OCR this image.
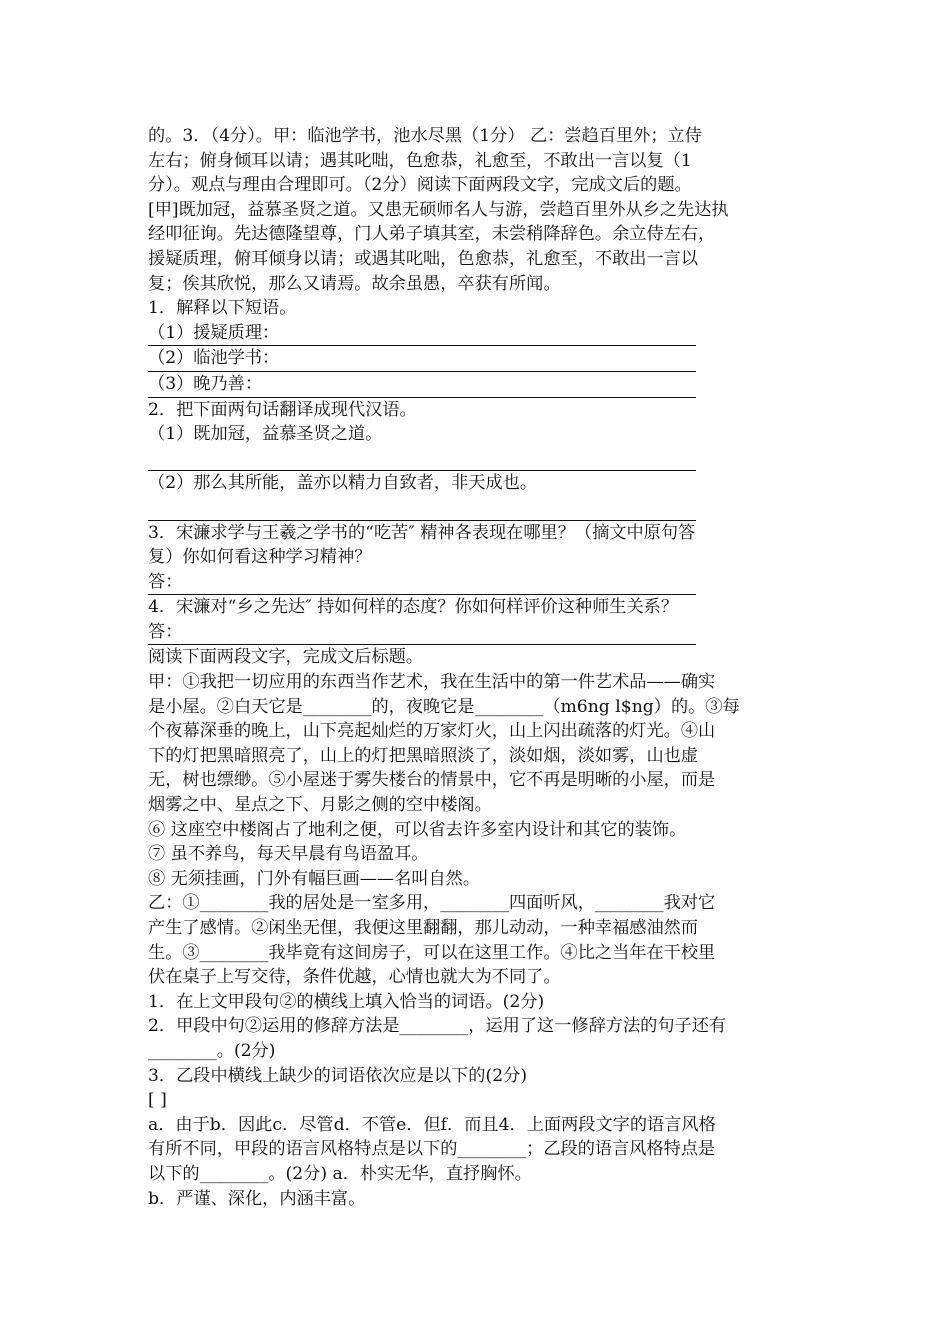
的。3．（4分）。甲：临池学书，池水尽黑（1分） 乙：尝趋百里外；立侍
左右；俯身倾耳以请；遇其叱咄，色愈恭，礼愈至，不敢出一言以复（1
分）。观点与理由合理即可。（2分）阅读下面两段文字，完成文后的题。
[甲]既加冠，益慕圣贤之道。又患无硕师名人与游，尝趋百里外从乡之先达执
经叩征询。先达德隆望尊，门人弟子填其室，未尝稍降辞色。余立侍左右，
援疑质理，俯耳倾身以请；或遇其叱咄，色愈恭，礼愈至，不敢出一言以
复；俟其欣悦，那么又请焉。故余虽愚，卒获有所闻。
1．解释以下短语。
（1）援疑质理：
（2）临池学书：
（3）晚乃善：
2．把下面两句话翻译成现代汉语。
（1）既加冠，益慕圣贤之道。
（2）那么其所能，盖亦以精力自致者，非天成也。
3．宋濂求学与王羲之学书的“吃苦″ 精神各表现在哪里？（摘文中原句答
复）你如何看这种学习精神？
答：
4．宋濂对“乡之先达″ 持如何样的态度？你如何样评价这种师生关系？
答：
阅读下面两段文字，完成文后标题。
甲：①我把一切应用的东西当作艺术，我在生活中的第一件艺术品——确实
是小屋。②白天它是________的，夜晚它是________（m6ng l$ng）的。③每
个夜幕深垂的晚上，山下亮起灿烂的万家灯火，山上闪出疏落的灯光。④山
下的灯把黑暗照亮了，山上的灯把黑暗照淡了，淡如烟，淡如雾，山也虚
无，树也缥缈。⑤小屋迷于雾失楼台的情景中，它不再是明晰的小屋，而是
烟雾之中、星点之下、月影之侧的空中楼阁。
⑥ 这座空中楼阁占了地利之便，可以省去许多室内设计和其它的装饰。
⑦ 虽不养鸟，每天早晨有鸟语盈耳。
⑧ 无须挂画，门外有幅巨画——名叫自然。
乙：①________我的居处是一室多用，________四面听风，________我对它
产生了感情。②闲坐无俚，我便这里翻翻，那儿动动，一种幸福感油然而
生。③________我毕竟有这间房子，可以在这里工作。④比之当年在干校里
伏在桌子上写交待，条件优越，心情也就大为不同了。
1．在上文甲段句②的横线上填入恰当的词语。(2分)
2．甲段中句②运用的修辞方法是________，运用了这一修辞方法的句子还有
________。(2分)
3．乙段中横线上缺少的词语依次应是以下的(2分)
[ ]
a．由于b．因此c．尽管d．不管e．但f．而且4．上面两段文字的语言风格
有所不同，甲段的语言风格特点是以下的________；乙段的语言风格特点是
以下的________。(2分) a．朴实无华，直抒胸怀。
b．严谨、深化，内涵丰富。
